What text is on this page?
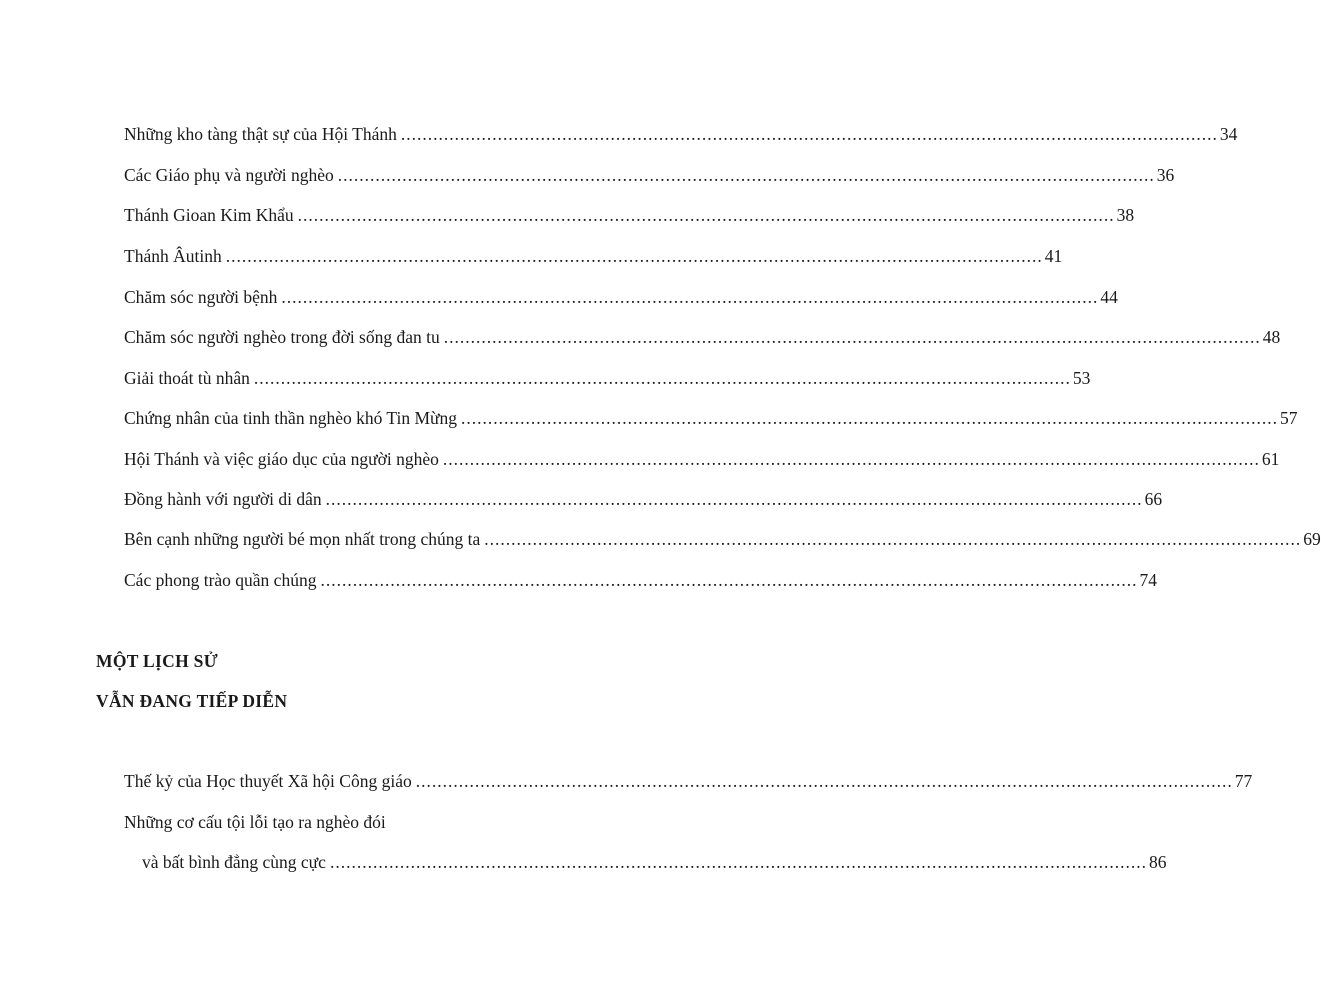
Những kho tàng thật sự của Hội Thánh ........................................................................................................................................................ 34
Các Giáo phụ và người nghèo ........................................................................................................................................................ 36
Thánh Gioan Kim Khẩu ........................................................................................................................................................ 38
Thánh Âutinh ........................................................................................................................................................ 41
Chăm sóc người bệnh ........................................................................................................................................................ 44
Chăm sóc người nghèo trong đời sống đan tu ........................................................................................................................................................ 48
Giải thoát tù nhân ........................................................................................................................................................ 53
Chứng nhân của tinh thần nghèo khó Tin Mừng ........................................................................................................................................................ 57
Hội Thánh và việc giáo dục của người nghèo ........................................................................................................................................................ 61
Đồng hành với người di dân ........................................................................................................................................................ 66
Bên cạnh những người bé mọn nhất trong chúng ta ........................................................................................................................................................ 69
Các phong trào quần chúng ........................................................................................................................................................ 74
MỘT LỊCH SỬ
VẪN ĐANG TIẾP DIỄN
Thế kỷ của Học thuyết Xã hội Công giáo ........................................................................................................................................................ 77
Những cơ cấu tội lỗi tạo ra nghèo đói
và bất bình đẳng cùng cực ........................................................................................................................................................ 86
